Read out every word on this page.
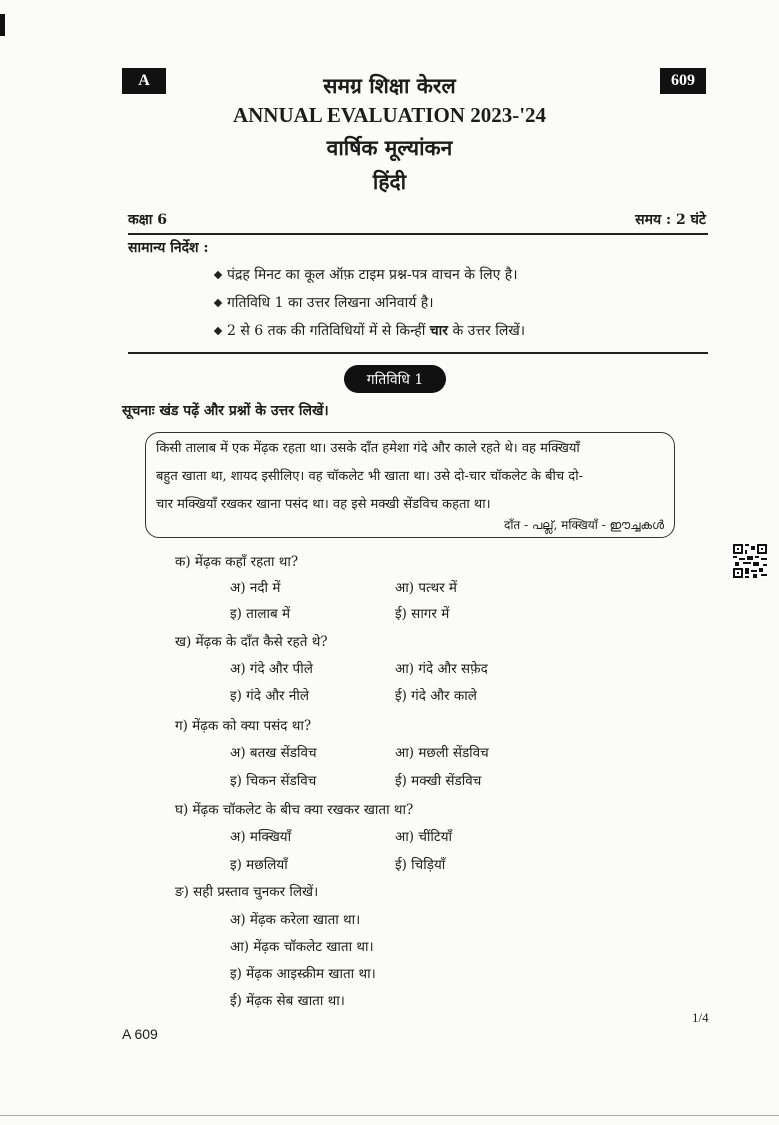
A	609
समग्र शिक्षा केरल
ANNUAL EVALUATION 2023-'24
वार्षिक मूल्यांकन
हिंदी
कक्षा 6	समय : 2 घंटे
सामान्य निर्देश :
पंद्रह मिनट का कूल ऑफ़ टाइम प्रश्न-पत्र वाचन के लिए है।
गतिविधि 1 का उत्तर लिखना अनिवार्य है।
2 से 6 तक की गतिविधियों में से किन्हीं चार के उत्तर लिखें।
गतिविधि 1
सूचनाः खंड पढ़ें और प्रश्नों के उत्तर लिखें।

किसी तालाब में एक मेंढ़क रहता था। उसके दाँत हमेशा गंदे और काले रहते थे। वह मक्खियाँ

बहुत खाता था, शायद इसीलिए। वह चॉकलेट भी खाता था। उसे दो-चार चॉकलेट के बीच दो-

चार मक्खियाँ रखकर खाना पसंद था। वह इसे मक्खी सेंडविच कहता था।

दाँत - പല്ല്, मक्खियाँ - ഈച്ചകൾ
क) मेंढ़क कहाँ रहता था?
अ) नदी में	आ) पत्थर में
इ) तालाब में	ई) सागर में
ख) मेंढ़क के दाँत कैसे रहते थे?
अ) गंदे और पीले	आ) गंदे और सफ़ेद
इ) गंदे और नीले	ई) गंदे और काले
ग) मेंढ़क को क्या पसंद था?
अ) बतख सेंडविच	आ) मछली सेंडविच
इ) चिकन सेंडविच	ई) मक्खी सेंडविच
घ) मेंढ़क चॉकलेट के बीच क्या रखकर खाता था?
अ) मक्खियाँ	आ) चींटियाँ
इ) मछलियाँ	ई) चिड़ियाँ
ङ) सही प्रस्ताव चुनकर लिखें।
अ) मेंढ़क करेला खाता था।
आ) मेंढ़क चॉकलेट खाता था।
इ) मेंढ़क आइस्क्रीम खाता था।
ई) मेंढ़क सेब खाता था।
1/4
A 609
